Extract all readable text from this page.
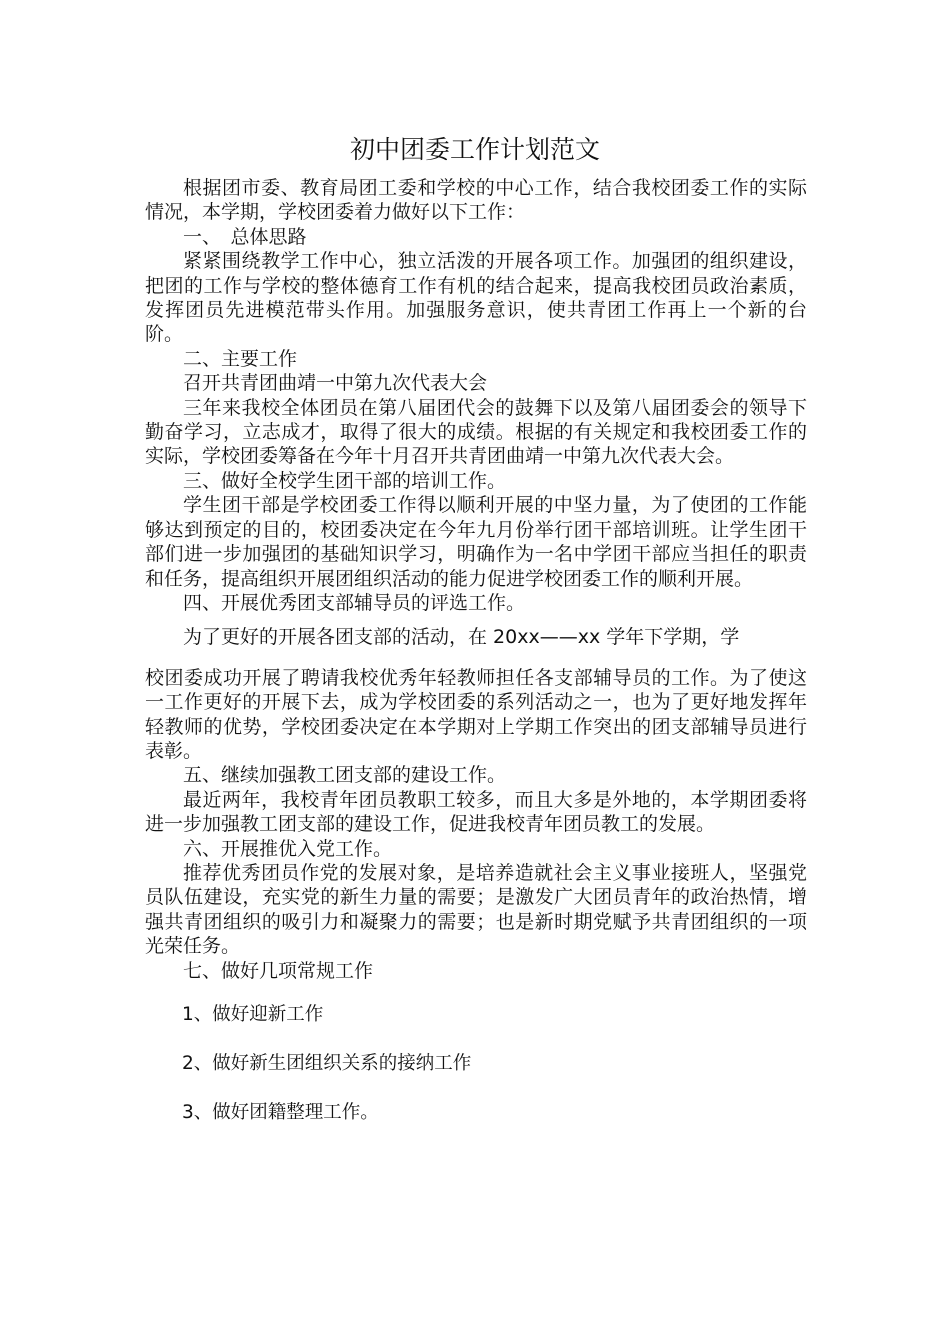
初中团委工作计划范文

根据团市委、教育局团工委和学校的中心工作，结合我校团委工作的实际情况，本学期，学校团委着力做好以下工作：

一、　总体思路

紧紧围绕教学工作中心，独立活泼的开展各项工作。加强团的组织建设，把团的工作与学校的整体德育工作有机的结合起来，提高我校团员政治素质，发挥团员先进模范带头作用。加强服务意识，使共青团工作再上一个新的台阶。

二、主要工作

召开共青团曲靖一中第九次代表大会

三年来我校全体团员在第八届团代会的鼓舞下以及第八届团委会的领导下勤奋学习，立志成才，取得了很大的成绩。根据的有关规定和我校团委工作的实际，学校团委筹备在今年十月召开共青团曲靖一中第九次代表大会。

三、做好全校学生团干部的培训工作。

学生团干部是学校团委工作得以顺利开展的中坚力量，为了使团的工作能够达到预定的目的，校团委决定在今年九月份举行团干部培训班。让学生团干部们进一步加强团的基础知识学习，明确作为一名中学团干部应当担任的职责和任务，提高组织开展团组织活动的能力促进学校团委工作的顺利开展。

四、开展优秀团支部辅导员的评选工作。

为了更好的开展各团支部的活动，在 20xx——xx 学年下学期，学

校团委成功开展了聘请我校优秀年轻教师担任各支部辅导员的工作。为了使这一工作更好的开展下去，成为学校团委的系列活动之一，也为了更好地发挥年轻教师的优势，学校团委决定在本学期对上学期工作突出的团支部辅导员进行表彰。

五、继续加强教工团支部的建设工作。

最近两年，我校青年团员教职工较多，而且大多是外地的，本学期团委将进一步加强教工团支部的建设工作，促进我校青年团员教工的发展。

六、开展推优入党工作。

推荐优秀团员作党的发展对象，是培养造就社会主义事业接班人，坚强党员队伍建设，充实党的新生力量的需要；是激发广大团员青年的政治热情，增强共青团组织的吸引力和凝聚力的需要；也是新时期党赋予共青团组织的一项光荣任务。

七、做好几项常规工作

1、做好迎新工作

2、做好新生团组织关系的接纳工作

3、做好团籍整理工作。
